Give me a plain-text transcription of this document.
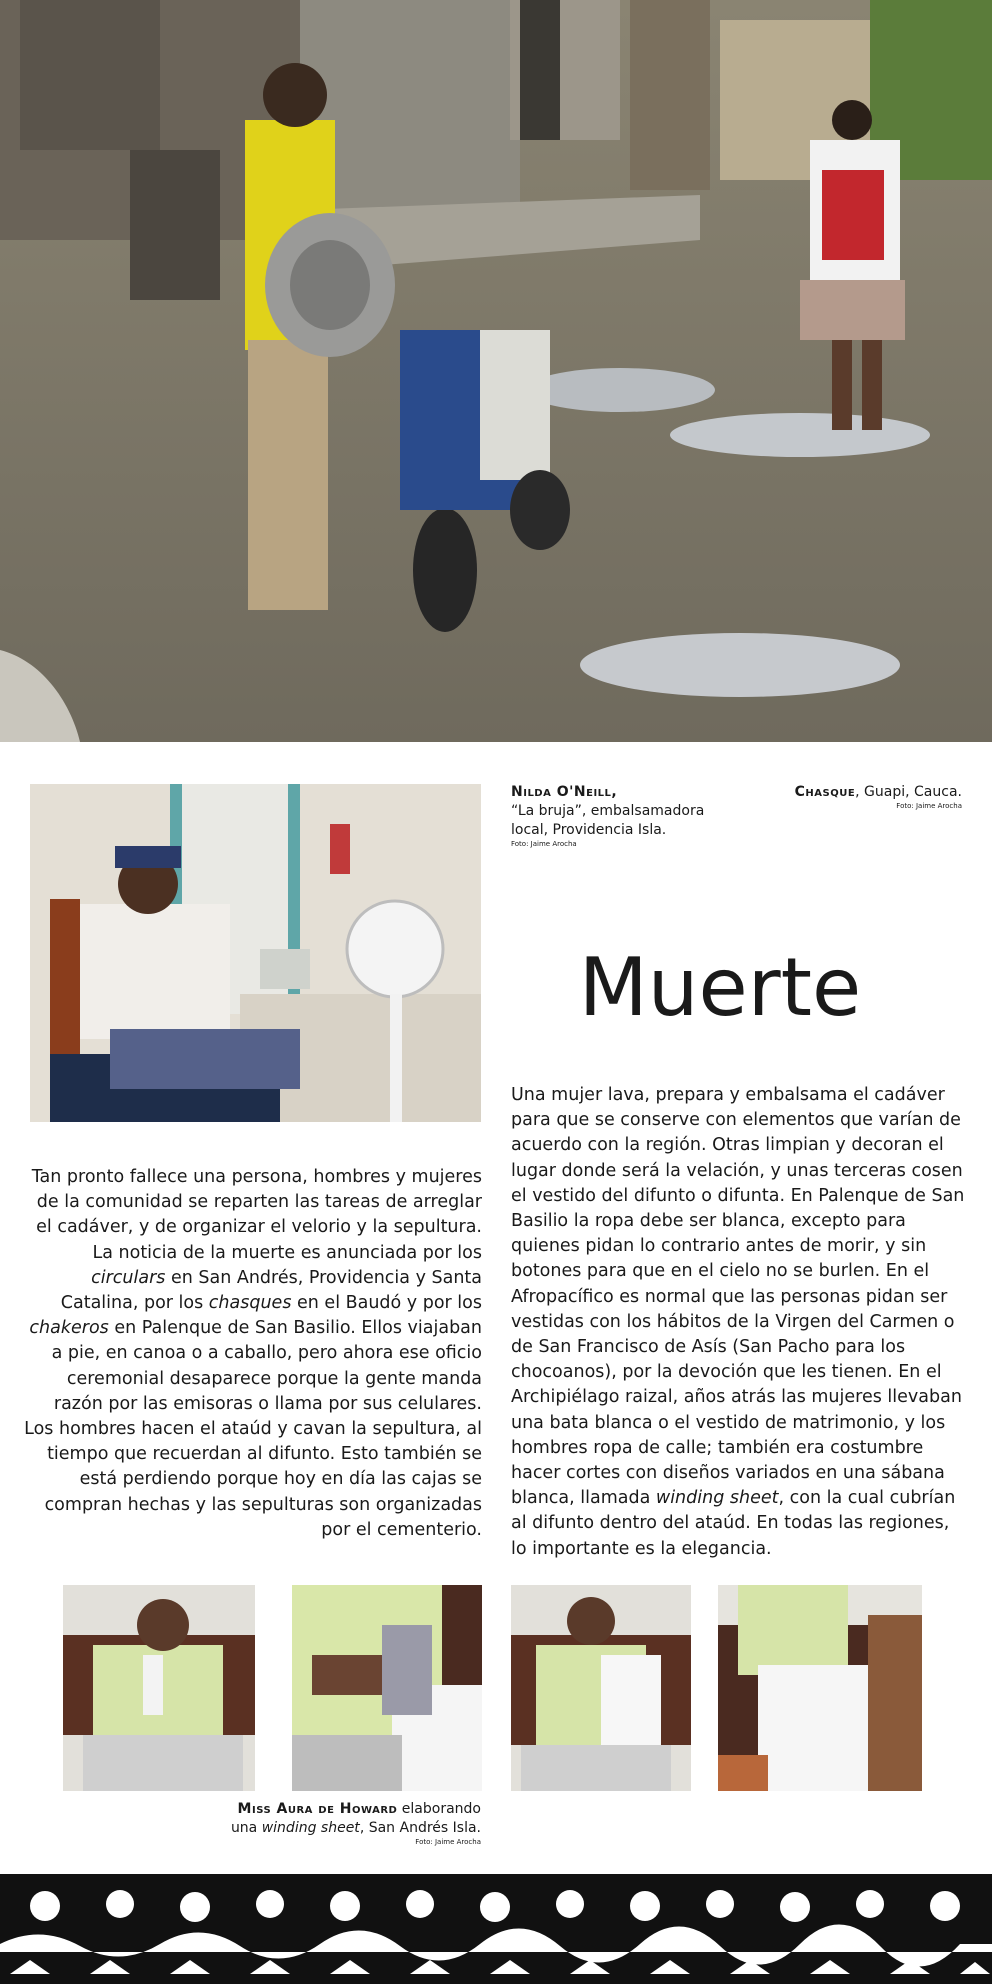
Nilda O'Neill,
“La bruja”, embalsamadora
local, Providencia Isla.
Foto: Jaime Arocha
Chasque, Guapi, Cauca.
Foto: Jaime Arocha
Muerte

Tan pronto fallece una persona, hombres y mujeres de la comunidad se reparten las tareas de arreglar el cadáver, y de organizar el velorio y la sepultura. La noticia de la muerte es anunciada por los circulars en San Andrés, Providencia y Santa Catalina, por los chasques en el Baudó y por los chakeros en Palenque de San Basilio. Ellos viajaban a pie, en canoa o a caballo, pero ahora ese oficio ceremonial desaparece porque la gente manda razón por las emisoras o llama por sus celulares. Los hombres hacen el ataúd y cavan la sepultura, al tiempo que recuerdan al difunto. Esto también se está perdiendo porque hoy en día las cajas se compran hechas y las sepulturas son organizadas por el cementerio.

Una mujer lava, prepara y embalsama el cadáver para que se conserve con elementos que varían de acuerdo con la región. Otras limpian y decoran el lugar donde será la velación, y unas terceras cosen el vestido del difunto o difunta. En Palenque de San Basilio la ropa debe ser blanca, excepto para quienes pidan lo contrario antes de morir, y sin botones para que en el cielo no se burlen. En el Afropacífico es normal que las personas pidan ser vestidas con los hábitos de la Virgen del Carmen o de San Francisco de Asís (San Pacho para los chocoanos), por la devoción que les tienen. En el Archipiélago raizal, años atrás las mujeres llevaban una bata blanca o el vestido de matrimonio, y los hombres ropa de calle; también era costumbre hacer cortes con diseños variados en una sábana blanca, llamada winding sheet, con la cual cubrían al difunto dentro del ataúd. En todas las regiones, lo importante es la elegancia.

Miss Aura de Howard elaborando
una winding sheet, San Andrés Isla.
Foto: Jaime Arocha
